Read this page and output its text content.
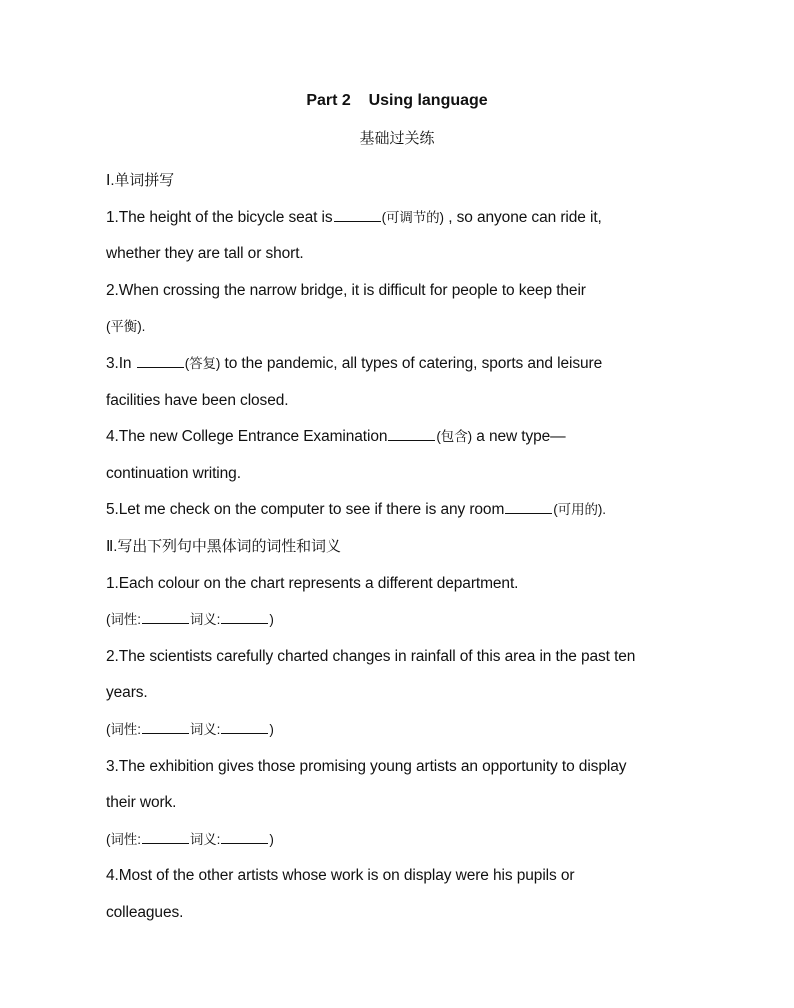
Part 2    Using language
基础过关练
Ⅰ.单词拼写
1.The height of the bicycle seat is	(可调节的) , so anyone can ride it,
whether they are tall or short.
2.When crossing the narrow bridge, it is difficult for people to keep their
(平衡).
3.In	(答复) to the pandemic, all types of catering, sports and leisure
facilities have been closed.
4.The new College Entrance Examination	(包含) a new type—
continuation writing.
5.Let me check on the computer to see if there is any room	(可用的).
Ⅱ.写出下列句中黑体词的词性和词义
1.Each colour on the chart represents a different department.
(词性:	词义:	)
2.The scientists carefully charted changes in rainfall of this area in the past ten
years.
(词性:	词义:	)
3.The exhibition gives those promising young artists an opportunity to display
their work.
(词性:	词义:	)
4.Most of the other artists whose work is on display were his pupils or
colleagues.
